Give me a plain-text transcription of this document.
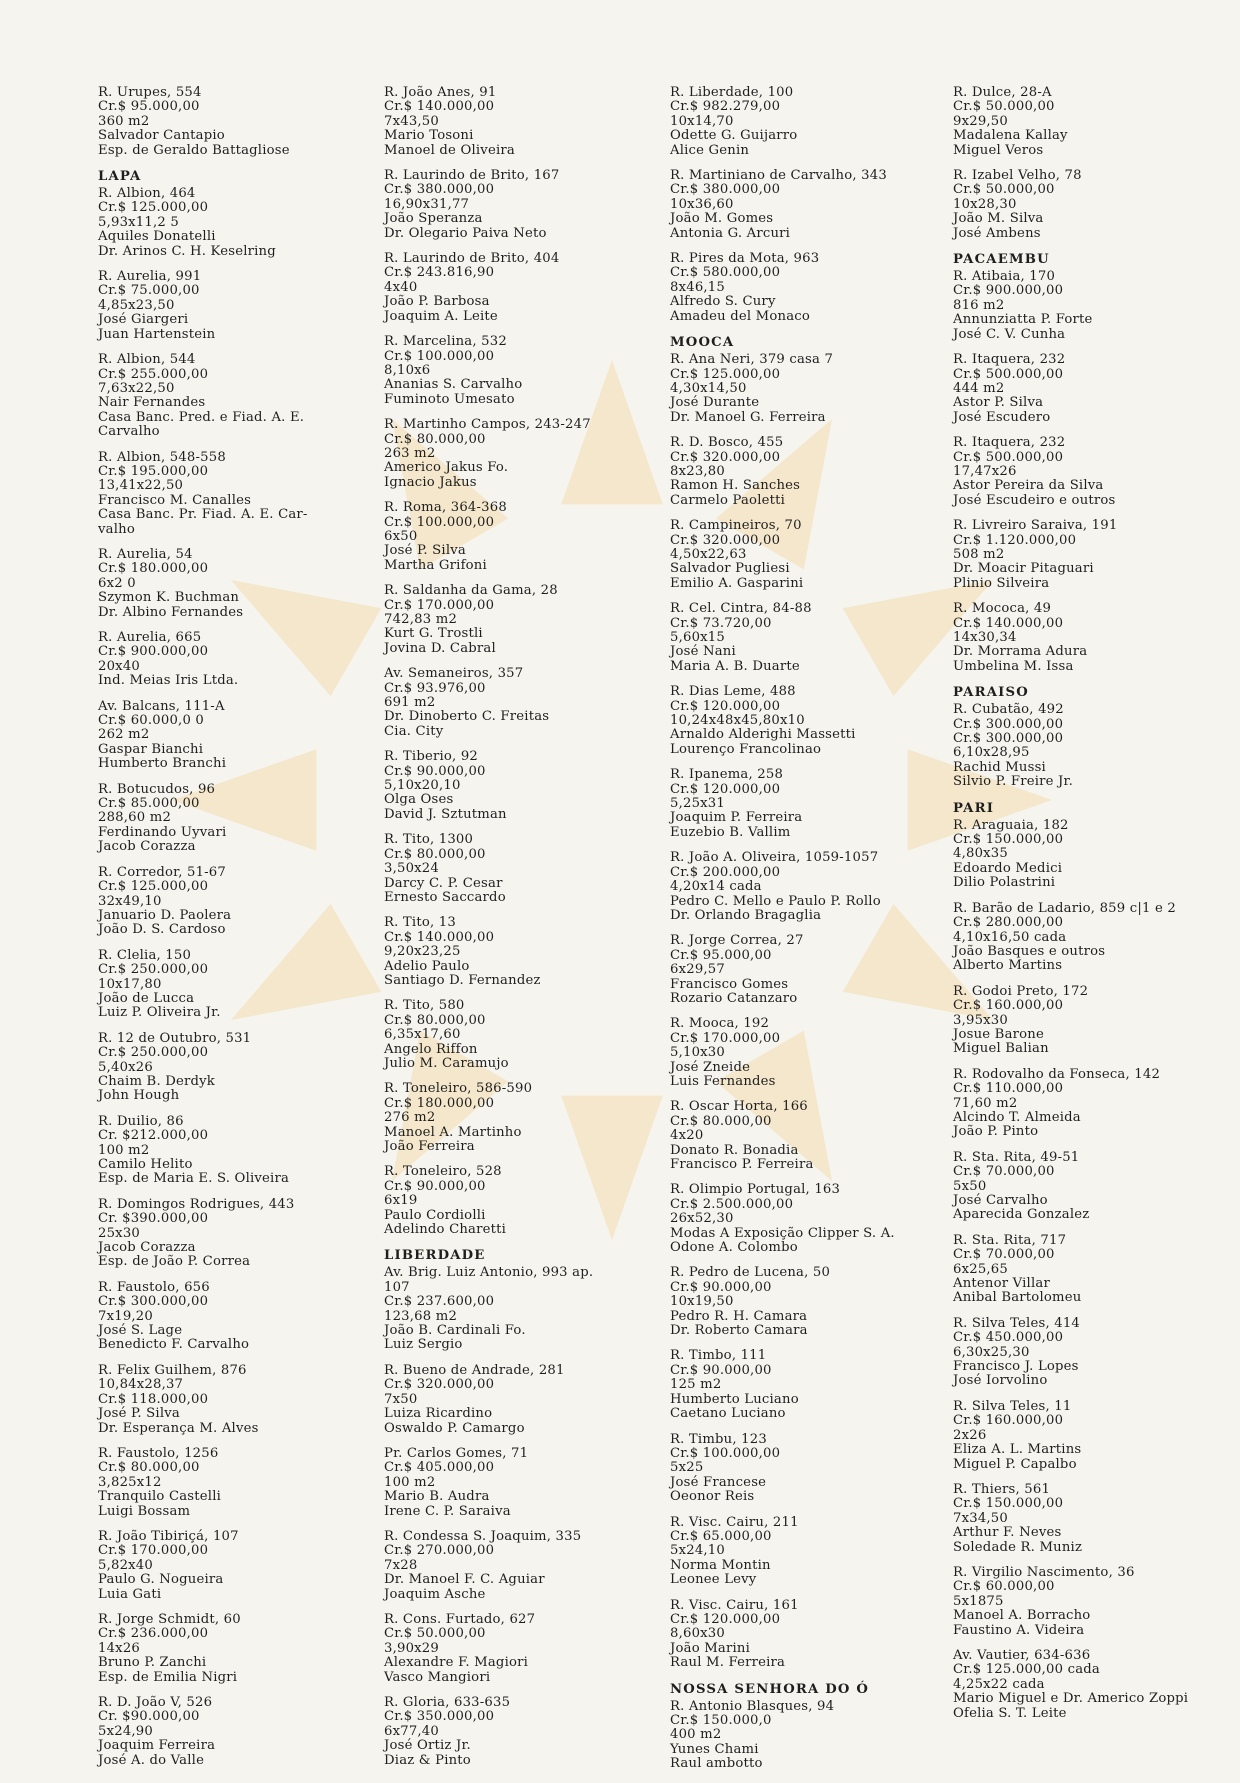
R. Urupes, 554
Cr.$ 95.000,00
360 m2
Salvador Cantapio
Esp. de Geraldo Battagliose
LAPA
R. Albion, 464
Cr.$ 125.000,00
5,93x11,2 5
Aquiles Donatelli
Dr. Arinos C. H. Keselring
R. Aurelia, 991
Cr.$ 75.000,00
4,85x23,50
José Giargeri
Juan Hartenstein
R. Albion, 544
Cr.$ 255.000,00
7,63x22,50
Nair Fernandes
Casa Banc. Pred. e Fiad. A. E.
Carvalho
R. Albion, 548-558
Cr.$ 195.000,00
13,41x22,50
Francisco M. Canalles
Casa Banc. Pr. Fiad. A. E. Car-
valho
R. Aurelia, 54
Cr.$ 180.000,00
6x2 0
Szymon K. Buchman
Dr. Albino Fernandes
R. Aurelia, 665
Cr.$ 900.000,00
20x40
Ind. Meias Iris Ltda.
Av. Balcans, 111-A
Cr.$ 60.000,0 0
262 m2
Gaspar Bianchi
Humberto Branchi
R. Botucudos, 96
Cr.$ 85.000,00
288,60 m2
Ferdinando Uyvari
Jacob Corazza
R. Corredor, 51-67
Cr.$ 125.000,00
32x49,10
Januario D. Paolera
João D. S. Cardoso
R. Clelia, 150
Cr.$ 250.000,00
10x17,80
João de Lucca
Luiz P. Oliveira Jr.
R. 12 de Outubro, 531
Cr.$ 250.000,00
5,40x26
Chaim B. Derdyk
John Hough
R. Duilio, 86
Cr. $212.000,00
100 m2
Camilo Helito
Esp. de Maria E. S. Oliveira
R. Domingos Rodrigues, 443
Cr. $390.000,00
25x30
Jacob Corazza
Esp. de João P. Correa
R. Faustolo, 656
Cr.$ 300.000,00
7x19,20
José S. Lage
Benedicto F. Carvalho
R. Felix Guilhem, 876
10,84x28,37
Cr.$ 118.000,00
José P. Silva
Dr. Esperança M. Alves
R. Faustolo, 1256
Cr.$ 80.000,00
3,825x12
Tranquilo Castelli
Luigi Bossam
R. João Tibiriçá, 107
Cr.$ 170.000,00
5,82x40
Paulo G. Nogueira
Luia Gati
R. Jorge Schmidt, 60
Cr.$ 236.000,00
14x26
Bruno P. Zanchi
Esp. de Emilia Nigri
R. D. João V, 526
Cr. $90.000,00
5x24,90
Joaquim Ferreira
José A. do Valle
R. João Anes, 91
Cr.$ 140.000,00
7x43,50
Mario Tosoni
Manoel de Oliveira
R. Laurindo de Brito, 167
Cr.$ 380.000,00
16,90x31,77
João Speranza
Dr. Olegario Paiva Neto
R. Laurindo de Brito, 404
Cr.$ 243.816,90
4x40
João P. Barbosa
Joaquim A. Leite
R. Marcelina, 532
Cr.$ 100.000,00
8,10x6
Ananias S. Carvalho
Fuminoto Umesato
R. Martinho Campos, 243-247
Cr.$ 80.000,00
263 m2
Americo Jakus Fo.
Ignacio Jakus
R. Roma, 364-368
Cr.$ 100.000,00
6x50
José P. Silva
Martha Grifoni
R. Saldanha da Gama, 28
Cr.$ 170.000,00
742,83 m2
Kurt G. Trostli
Jovina D. Cabral
Av. Semaneiros, 357
Cr.$ 93.976,00
691 m2
Dr. Dinoberto C. Freitas
Cia. City
R. Tiberio, 92
Cr.$ 90.000,00
5,10x20,10
Olga Oses
David J. Sztutman
R. Tito, 1300
Cr.$ 80.000,00
3,50x24
Darcy C. P. Cesar
Ernesto Saccardo
R. Tito, 13
Cr.$ 140.000,00
9,20x23,25
Adelio Paulo
Santiago D. Fernandez
R. Tito, 580
Cr.$ 80.000,00
6,35x17,60
Angelo Riffon
Julio M. Caramujo
R. Toneleiro, 586-590
Cr.$ 180.000,00
276 m2
Manoel A. Martinho
João Ferreira
R. Toneleiro, 528
Cr.$ 90.000,00
6x19
Paulo Cordiolli
Adelindo Charetti
LIBERDADE
Av. Brig. Luiz Antonio, 993 ap.
107
Cr.$ 237.600,00
123,68 m2
João B. Cardinali Fo.
Luiz Sergio
R. Bueno de Andrade, 281
Cr.$ 320.000,00
7x50
Luiza Ricardino
Oswaldo P. Camargo
Pr. Carlos Gomes, 71
Cr.$ 405.000,00
100 m2
Mario B. Audra
Irene C. P. Saraiva
R. Condessa S. Joaquim, 335
Cr.$ 270.000,00
7x28
Dr. Manoel F. C. Aguiar
Joaquim Asche
R. Cons. Furtado, 627
Cr.$ 50.000,00
3,90x29
Alexandre F. Magiori
Vasco Mangiori
R. Gloria, 633-635
Cr.$ 350.000,00
6x77,40
José Ortiz Jr.
Diaz & Pinto
R. Liberdade, 100
Cr.$ 982.279,00
10x14,70
Odette G. Guijarro
Alice Genin
R. Martiniano de Carvalho, 343
Cr.$ 380.000,00
10x36,60
João M. Gomes
Antonia G. Arcuri
R. Pires da Mota, 963
Cr.$ 580.000,00
8x46,15
Alfredo S. Cury
Amadeu del Monaco
MOOCA
R. Ana Neri, 379 casa 7
Cr.$ 125.000,00
4,30x14,50
José Durante
Dr. Manoel G. Ferreira
R. D. Bosco, 455
Cr.$ 320.000,00
8x23,80
Ramon H. Sanches
Carmelo Paoletti
R. Campineiros, 70
Cr.$ 320.000,00
4,50x22,63
Salvador Pugliesi
Emilio A. Gasparini
R. Cel. Cintra, 84-88
Cr.$ 73.720,00
5,60x15
José Nani
Maria A. B. Duarte
R. Dias Leme, 488
Cr.$ 120.000,00
10,24x48x45,80x10
Arnaldo Alderighi Massetti
Lourenço Francolinao
R. Ipanema, 258
Cr.$ 120.000,00
5,25x31
Joaquim P. Ferreira
Euzebio B. Vallim
R. João A. Oliveira, 1059-1057
Cr.$ 200.000,00
4,20x14 cada
Pedro C. Mello e Paulo P. Rollo
Dr. Orlando Bragaglia
R. Jorge Correa, 27
Cr.$ 95.000,00
6x29,57
Francisco Gomes
Rozario Catanzaro
R. Mooca, 192
Cr.$ 170.000,00
5,10x30
José Zneide
Luis Fernandes
R. Oscar Horta, 166
Cr.$ 80.000,00
4x20
Donato R. Bonadia
Francisco P. Ferreira
R. Olimpio Portugal, 163
Cr.$ 2.500.000,00
26x52,30
Modas A Exposição Clipper S. A.
Odone A. Colombo
R. Pedro de Lucena, 50
Cr.$ 90.000,00
10x19,50
Pedro R. H. Camara
Dr. Roberto Camara
R. Timbo, 111
Cr.$ 90.000,00
125 m2
Humberto Luciano
Caetano Luciano
R. Timbu, 123
Cr.$ 100.000,00
5x25
José Francese
Oeonor Reis
R. Visc. Cairu, 211
Cr.$ 65.000,00
5x24,10
Norma Montin
Leonee Levy
R. Visc. Cairu, 161
Cr.$ 120.000,00
8,60x30
João Marini
Raul M. Ferreira
NOSSA SENHORA DO Ó
R. Antonio Blasques, 94
Cr.$ 150.000,0
400 m2
Yunes Chami
Raul ambotto
R. Dulce, 28-A
Cr.$ 50.000,00
9x29,50
Madalena Kallay
Miguel Veros
R. Izabel Velho, 78
Cr.$ 50.000,00
10x28,30
João M. Silva
José Ambens
PACAEMBU
R. Atibaia, 170
Cr.$ 900.000,00
816 m2
Annunziatta P. Forte
José C. V. Cunha
R. Itaquera, 232
Cr.$ 500.000,00
444 m2
Astor P. Silva
José Escudero
R. Itaquera, 232
Cr.$ 500.000,00
17,47x26
Astor Pereira da Silva
José Escudeiro e outros
R. Livreiro Saraiva, 191
Cr.$ 1.120.000,00
508 m2
Dr. Moacir Pitaguari
Plinio Silveira
R. Mococa, 49
Cr.$ 140.000,00
14x30,34
Dr. Morrama Adura
Umbelina M. Issa
PARAISO
R. Cubatão, 492
Cr.$ 300.000,00
Cr.$ 300.000,00
6,10x28,95
Rachid Mussi
Silvio P. Freire Jr.
PARI
R. Araguaia, 182
Cr.$ 150.000,00
4,80x35
Edoardo Medici
Dilio Polastrini
R. Barão de Ladario, 859 c|1 e 2
Cr.$ 280.000,00
4,10x16,50 cada
João Basques e outros
Alberto Martins
R. Godoi Preto, 172
Cr.$ 160.000,00
3,95x30
Josue Barone
Miguel Balian
R. Rodovalho da Fonseca, 142
Cr.$ 110.000,00
71,60 m2
Alcindo T. Almeida
João P. Pinto
R. Sta. Rita, 49-51
Cr.$ 70.000,00
5x50
José Carvalho
Aparecida Gonzalez
R. Sta. Rita, 717
Cr.$ 70.000,00
6x25,65
Antenor Villar
Anibal Bartolomeu
R. Silva Teles, 414
Cr.$ 450.000,00
6,30x25,30
Francisco J. Lopes
José Iorvolino
R. Silva Teles, 11
Cr.$ 160.000,00
2x26
Eliza A. L. Martins
Miguel P. Capalbo
R. Thiers, 561
Cr.$ 150.000,00
7x34,50
Arthur F. Neves
Soledade R. Muniz
R. Virgilio Nascimento, 36
Cr.$ 60.000,00
5x1875
Manoel A. Borracho
Faustino A. Videira
Av. Vautier, 634-636
Cr.$ 125.000,00 cada
4,25x22 cada
Mario Miguel e Dr. Americo Zoppi
Ofelia S. T. Leite
